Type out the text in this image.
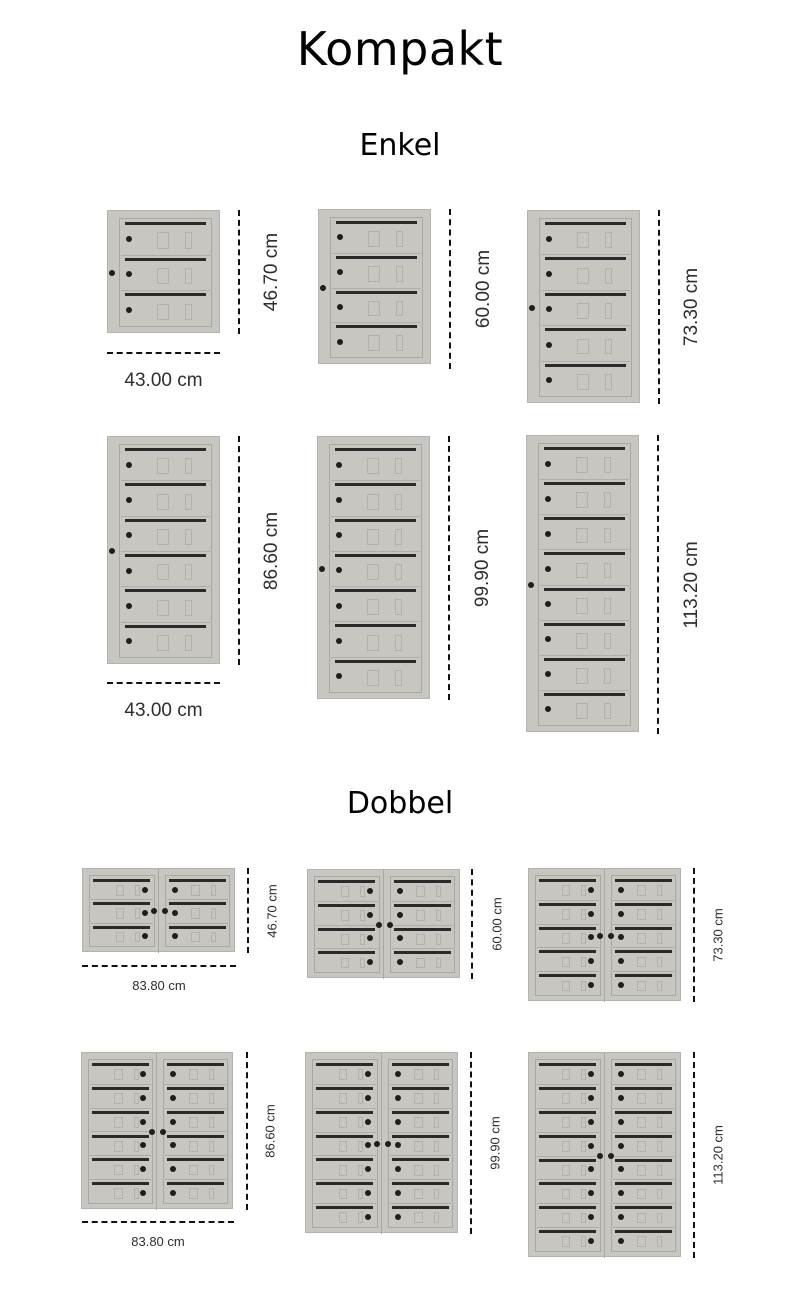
Kompakt
Enkel
Dobbel
46.70 cm
43.00 cm
60.00 cm	73.30 cm
86.60 cm
43.00 cm
99.90 cm	113.20 cm
46.70 cm
83.80 cm
60.00 cm	73.30 cm
86.60 cm
83.80 cm
99.90 cm	113.20 cm
